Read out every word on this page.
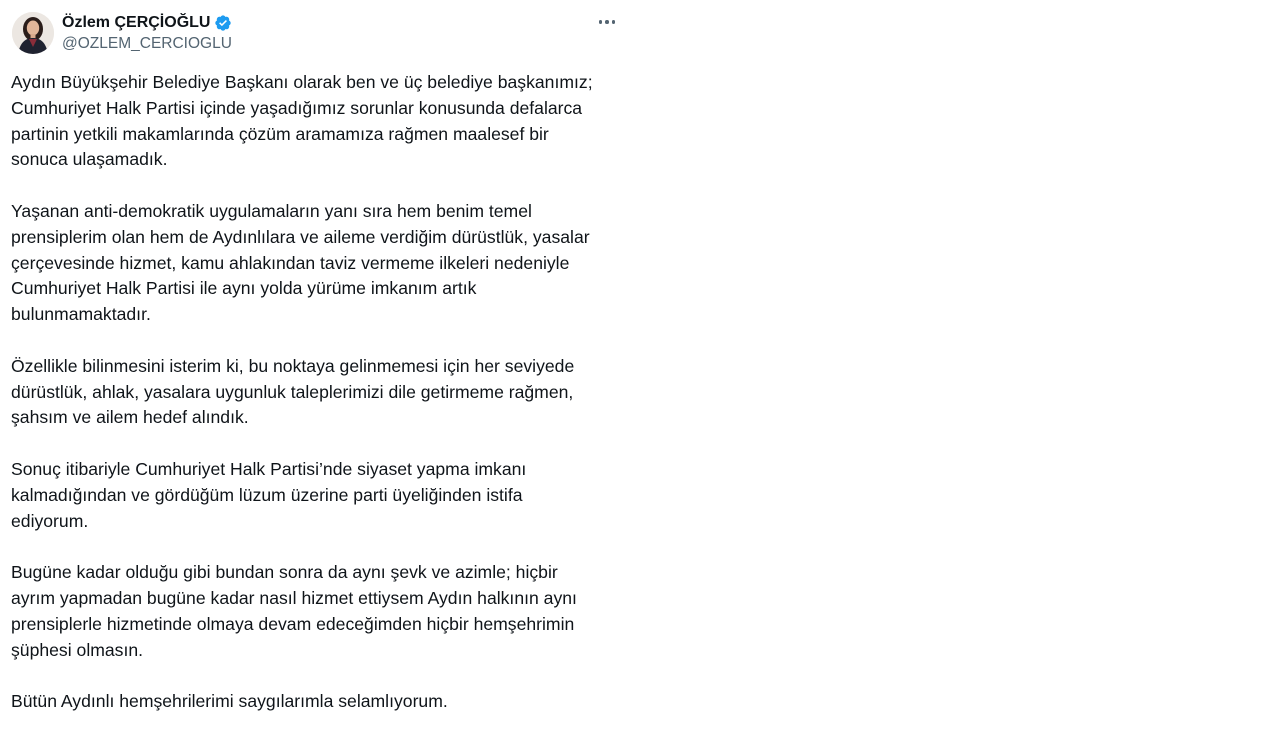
Özlem ÇERÇİOĞLU
@OZLEM_CERCIOGLU
Aydın Büyükşehir Belediye Başkanı olarak ben ve üç belediye başkanımız;
Cumhuriyet Halk Partisi içinde yaşadığımız sorunlar konusunda defalarca
partinin yetkili makamlarında çözüm aramamıza rağmen maalesef bir
sonuca ulaşamadık.
Yaşanan anti-demokratik uygulamaların yanı sıra hem benim temel
prensiplerim olan hem de Aydınlılara ve aileme verdiğim dürüstlük, yasalar
çerçevesinde hizmet, kamu ahlakından taviz vermeme ilkeleri nedeniyle
Cumhuriyet Halk Partisi ile aynı yolda yürüme imkanım artık
bulunmamaktadır.
Özellikle bilinmesini isterim ki, bu noktaya gelinmemesi için her seviyede
dürüstlük, ahlak, yasalara uygunluk taleplerimizi dile getirmeme rağmen,
şahsım ve ailem hedef alındık.
Sonuç itibariyle Cumhuriyet Halk Partisi’nde siyaset yapma imkanı
kalmadığından ve gördüğüm lüzum üzerine parti üyeliğinden istifa
ediyorum.
Bugüne kadar olduğu gibi bundan sonra da aynı şevk ve azimle; hiçbir
ayrım yapmadan bugüne kadar nasıl hizmet ettiysem Aydın halkının aynı
prensiplerle hizmetinde olmaya devam edeceğimden hiçbir hemşehrimin
şüphesi olmasın.
Bütün Aydınlı hemşehrilerimi saygılarımla selamlıyorum.
